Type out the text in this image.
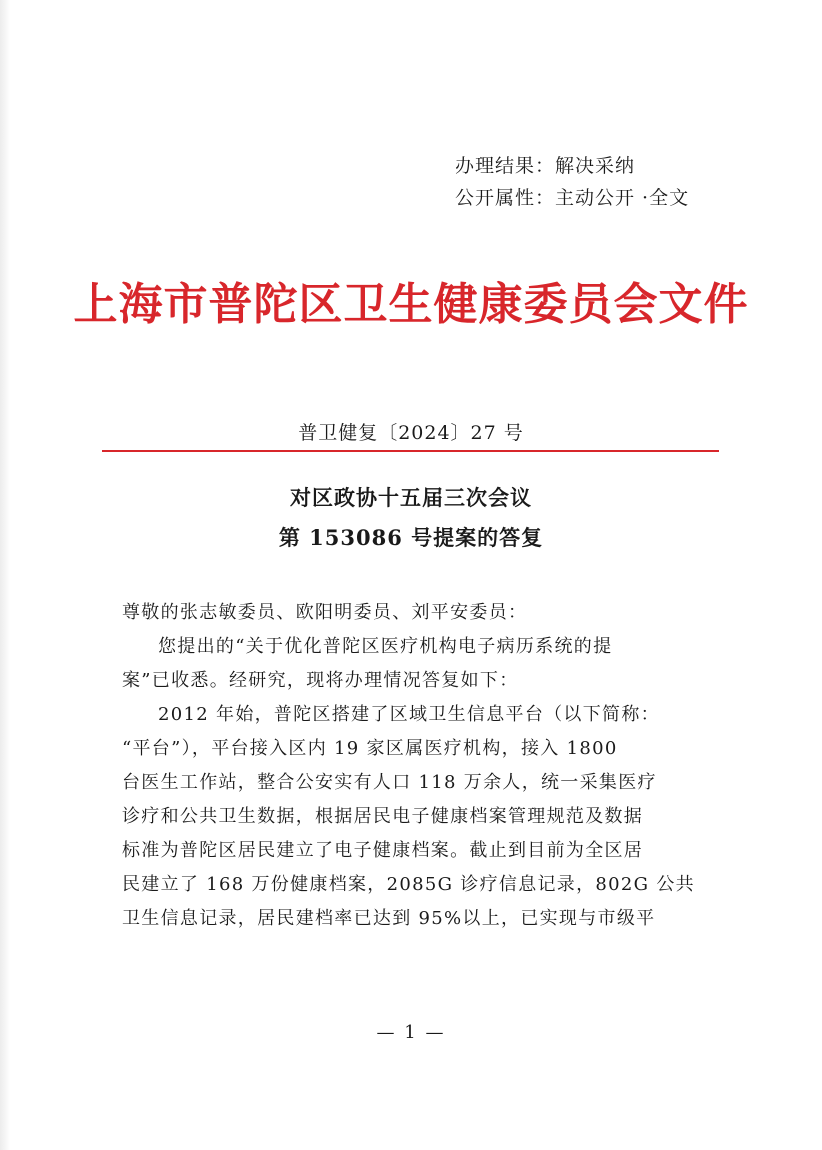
办理结果：解决采纳
公开属性：主动公开 ·全文
上海市普陀区卫生健康委员会文件
普卫健复〔2024〕27 号
对区政协十五届三次会议
第 153086 号提案的答复
尊敬的张志敏委员、欧阳明委员、刘平安委员：
您提出的“关于优化普陀区医疗机构电子病历系统的提
案”已收悉。经研究，现将办理情况答复如下：
2012 年始，普陀区搭建了区域卫生信息平台（以下简称：
“平台”），平台接入区内 19 家区属医疗机构，接入 1800
台医生工作站，整合公安实有人口 118 万余人，统一采集医疗
诊疗和公共卫生数据，根据居民电子健康档案管理规范及数据
标准为普陀区居民建立了电子健康档案。截止到目前为全区居
民建立了 168 万份健康档案，2085G 诊疗信息记录，802G 公共
卫生信息记录，居民建档率已达到 95%以上，已实现与市级平
— 1 —
